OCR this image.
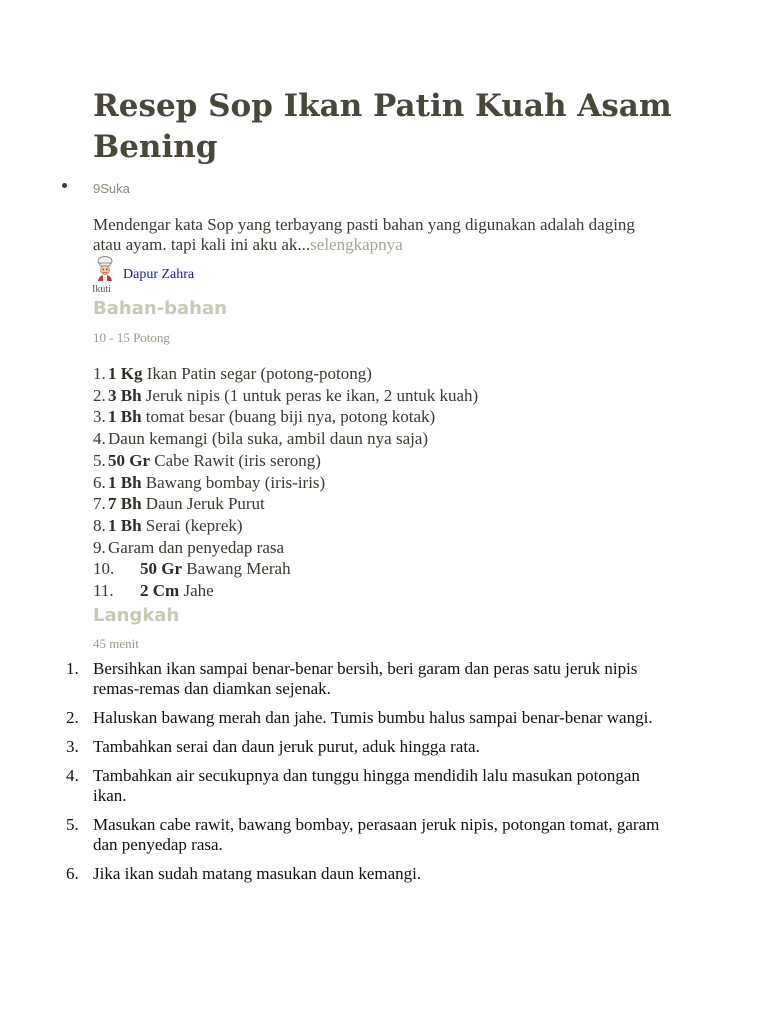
Resep Sop Ikan Patin Kuah Asam Bening
9Suka
Mendengar kata Sop yang terbayang pasti bahan yang digunakan adalah daging atau ayam. tapi kali ini aku ak...selengkapnya
Dapur Zahra
Ikuti
Bahan-bahan
10 - 15 Potong
1. 1 Kg Ikan Patin segar (potong-potong)
2. 3 Bh Jeruk nipis (1 untuk peras ke ikan, 2 untuk kuah)
3. 1 Bh tomat besar (buang biji nya, potong kotak)
4. Daun kemangi (bila suka, ambil daun nya saja)
5. 50 Gr Cabe Rawit (iris serong)
6. 1 Bh Bawang bombay (iris-iris)
7. 7 Bh Daun Jeruk Purut
8. 1 Bh Serai (keprek)
9. Garam dan penyedap rasa
10.	50 Gr Bawang Merah
11.	2 Cm Jahe
Langkah
45 menit
1. Bersihkan ikan sampai benar-benar bersih, beri garam dan peras satu jeruk nipis remas-remas dan diamkan sejenak.
2. Haluskan bawang merah dan jahe. Tumis bumbu halus sampai benar-benar wangi.
3. Tambahkan serai dan daun jeruk purut, aduk hingga rata.
4. Tambahkan air secukupnya dan tunggu hingga mendidih lalu masukan potongan ikan.
5. Masukan cabe rawit, bawang bombay, perasaan jeruk nipis, potongan tomat, garam dan penyedap rasa.
6. Jika ikan sudah matang masukan daun kemangi.
